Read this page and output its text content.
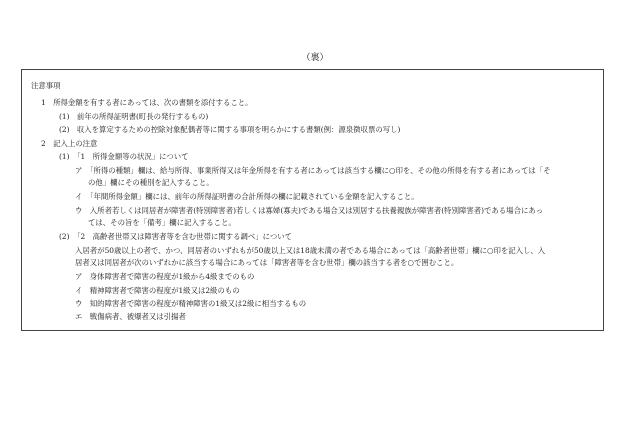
（裏）
注意事項
1　所得金額を有する者にあっては、次の書類を添付すること。
(1)　前年の所得証明書(町長の発行するもの)
(2)　収入を算定するための控除対象配偶者等に関する事項を明らかにする書類(例：源泉徴収票の写し)
2　記入上の注意
(1)　「1　所得金額等の状況」について
ア　「所得の種類」欄は、給与所得、事業所得又は年金所得を有する者にあっては該当する欄に○印を、その他の所得を有する者にあっては「そ
の他」欄にその種別を記入すること。
イ　「年間所得金額」欄には、前年の所得証明書の合計所得の欄に記載されている金額を記入すること。
ウ　入所者若しくは同居者が障害者(特別障害者)若しくは寡婦(寡夫)である場合又は別居する扶養親族が障害者(特別障害者)である場合にあっ
ては、その旨を「備考」欄に記入すること。
(2)　「2　高齢者世帯又は障害者等を含む世帯に関する調べ」について
入居者が50歳以上の者で、かつ、同居者のいずれもが50歳以上又は18歳未満の者である場合にあっては「高齢者世帯」欄に○印を記入し、入
居者又は同居者が次のいずれかに該当する場合にあっては「障害者等を含む世帯」欄の該当する者を○で囲むこと。
ア　身体障害者で障害の程度が1級から4級までのもの
イ　精神障害者で障害の程度が1級又は2級のもの
ウ　知的障害者で障害の程度が精神障害の1級又は2級に相当するもの
エ　戦傷病者、被爆者又は引揚者
